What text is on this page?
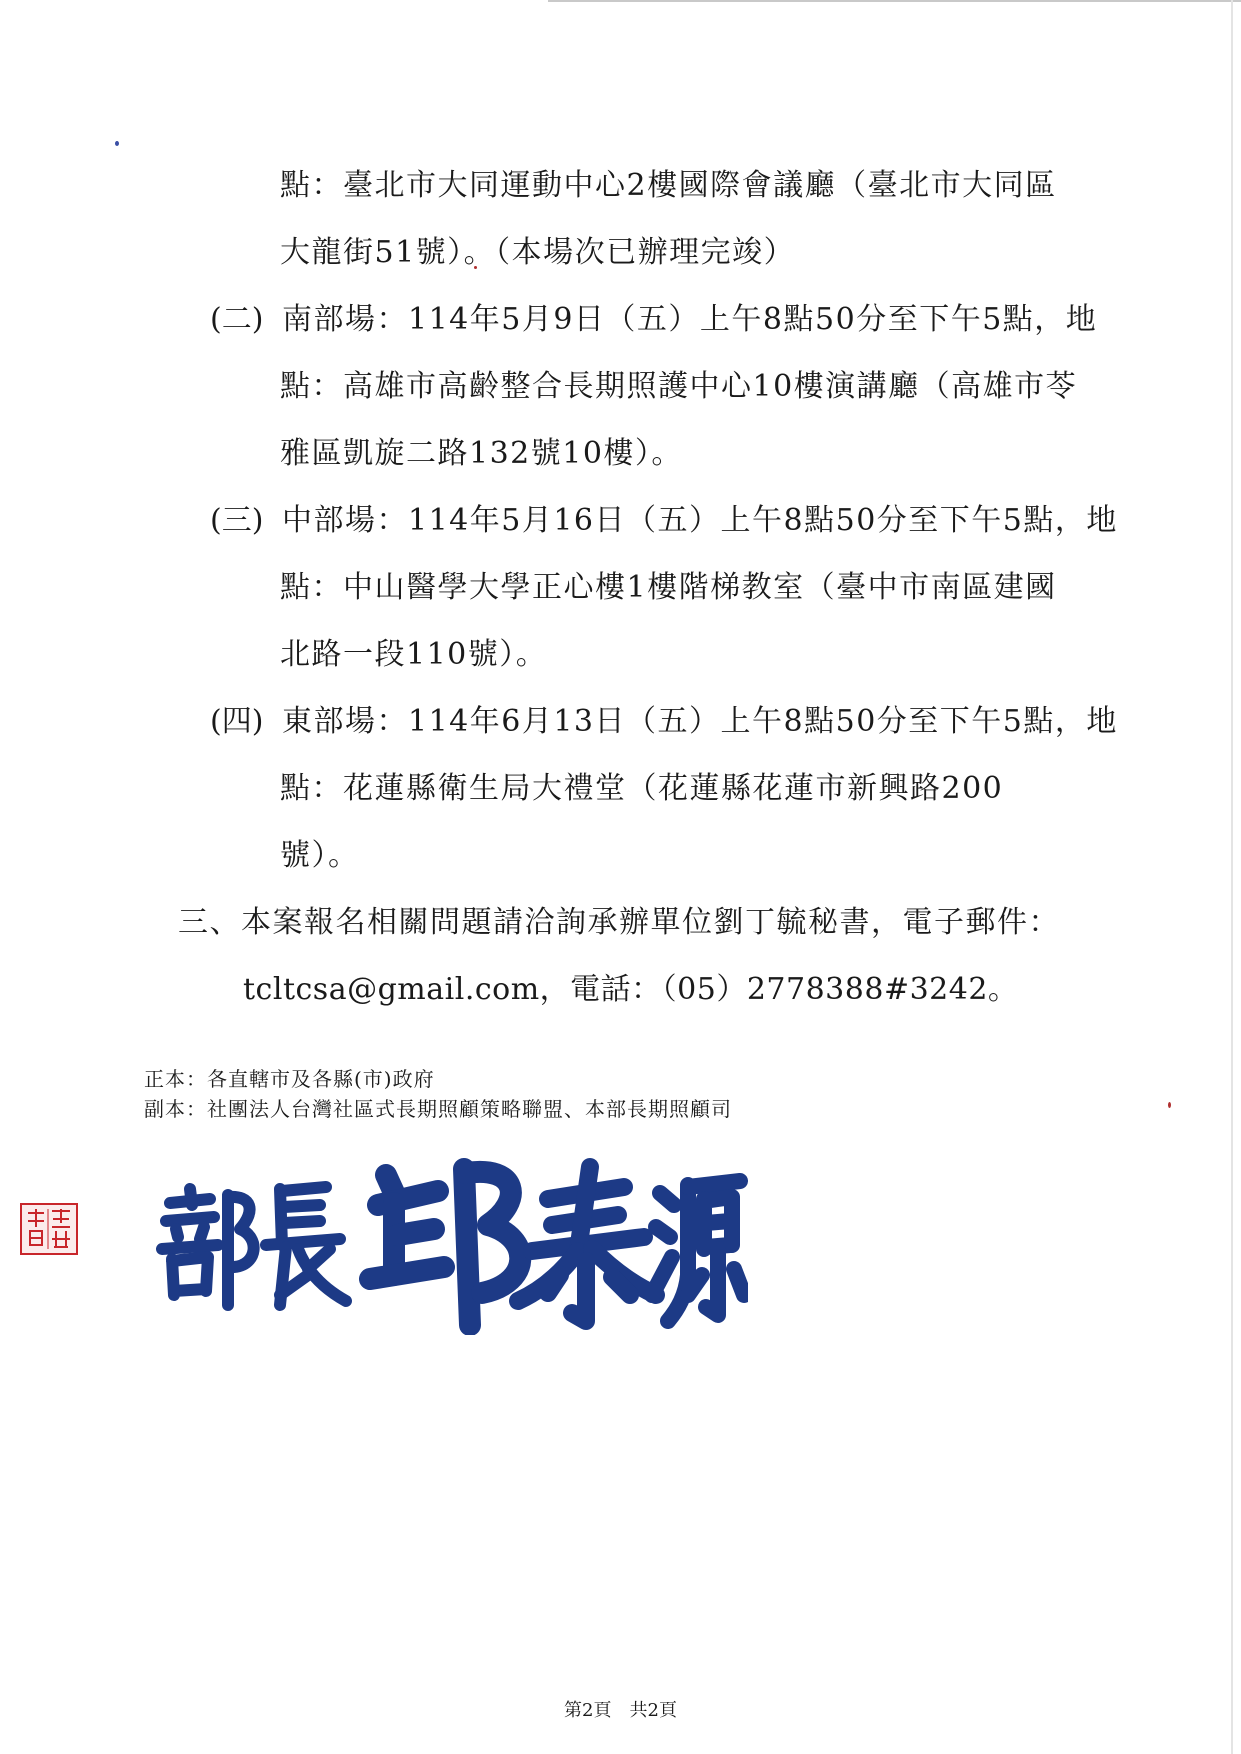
點：臺北市大同運動中心2樓國際會議廳（臺北市大同區

大龍街51號）。（本場次已辦理完竣）

(二) 南部場：114年5月9日（五）上午8點50分至下午5點，地

點：高雄市高齡整合長期照護中心10樓演講廳（高雄市苓

雅區凱旋二路132號10樓）。

(三) 中部場：114年5月16日（五）上午8點50分至下午5點，地

點：中山醫學大學正心樓1樓階梯教室（臺中市南區建國

北路一段110號）。

(四) 東部場：114年6月13日（五）上午8點50分至下午5點，地

點：花蓮縣衛生局大禮堂（花蓮縣花蓮市新興路200

號）。

三、本案報名相關問題請洽詢承辦單位劉丁毓秘書，電子郵件：

tcltcsa@gmail.com，電話：（05）2778388#3242。

正本：各直轄市及各縣(市)政府

副本：社團法人台灣社區式長期照顧策略聯盟、本部長期照顧司

第2頁　共2頁
